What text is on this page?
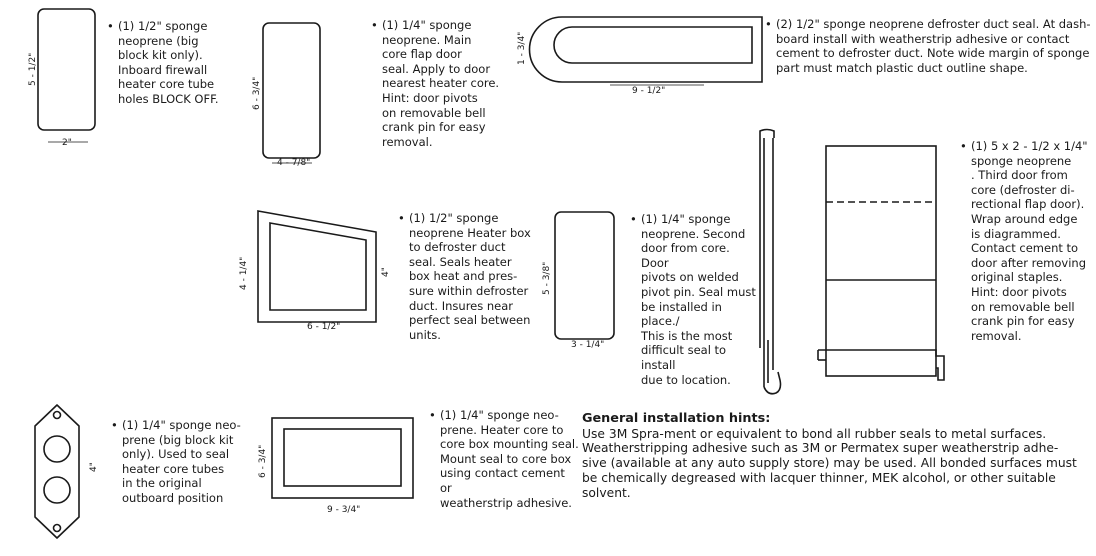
5 - 1/2"
2"
6 - 3/4"
4 - 7/8"
1 - 3/4"
9 - 1/2"
4 - 1/4"	4"
6 - 1/2"
5 - 3/8"
3 - 1/4"
4"	6 - 3/4"
9 - 3/4"
• (1) 1/2" sponge
neoprene (big
block kit only).
Inboard firewall
heater core tube
holes BLOCK OFF.
• (1) 1/4" sponge
neoprene. Main
core flap door
seal. Apply to door
nearest heater core.
Hint: door pivots
on removable bell
crank pin for easy
removal.
• (2) 1/2" sponge neoprene defroster duct seal. At dash-
board install with weatherstrip adhesive or contact
cement to defroster duct. Note wide margin of sponge
part must match plastic duct outline shape.
• (1) 1/2" sponge
neoprene Heater box
to defroster duct
seal. Seals heater
box heat and pres-
sure within defroster
duct. Insures near
perfect seal between
units.
• (1) 1/4" sponge
neoprene. Second
door from core. Door
pivots on welded
pivot pin. Seal must
be installed in place./
This is the most
difficult seal to install
due to location.
• (1) 5 x 2 - 1/2 x 1/4"
sponge neoprene
. Third door from
core (defroster di-
rectional flap door).
Wrap around edge
is diagrammed.
Contact cement to
door after removing
original staples.
Hint: door pivots
on removable bell
crank pin for easy
removal.
• (1) 1/4" sponge neo-
prene (big block kit
only). Used to seal
heater core tubes
in the original
outboard position
• (1) 1/4" sponge neo-
prene. Heater core to
core box mounting seal.
Mount seal to core box
using contact cement or
weatherstrip adhesive.
General installation hints:
Use 3M Spra-ment or equivalent to bond all rubber seals to metal surfaces.
Weatherstripping adhesive such as 3M or Permatex super weatherstrip adhe-
sive (available at any auto supply store) may be used. All bonded surfaces must
be chemically degreased with lacquer thinner, MEK alcohol, or other suitable
solvent.
